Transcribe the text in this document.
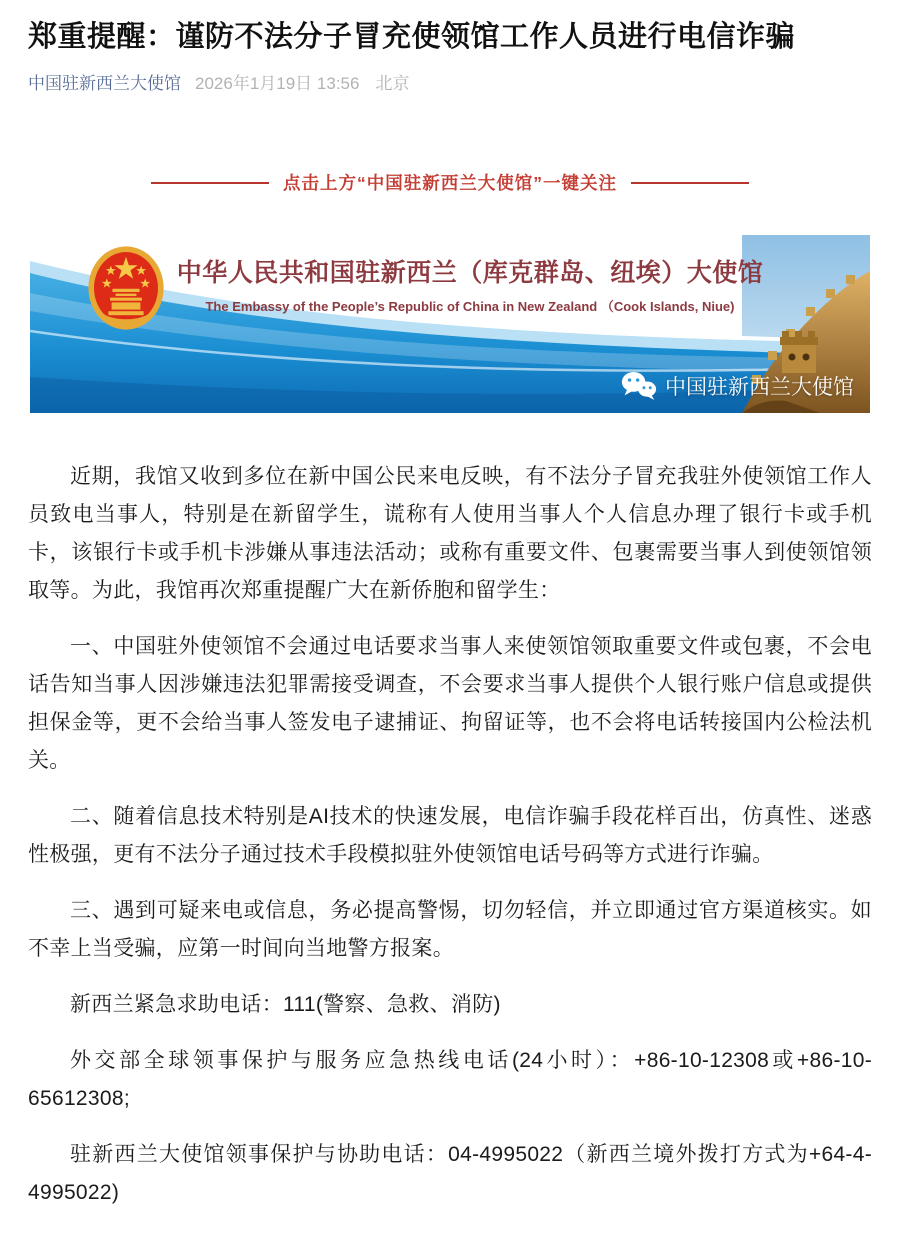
郑重提醒：谨防不法分子冒充使领馆工作人员进行电信诈骗
中国驻新西兰大使馆 2026年1月19日 13:56 北京
点击上方“中国驻新西兰大使馆”一键关注
中华人民共和国驻新西兰（库克群岛、纽埃）大使馆
The Embassy of the People’s Republic of China in New Zealand （Cook Islands, Niue)
中国驻新西兰大使馆

近期，我馆又收到多位在新中国公民来电反映，有不法分子冒充我驻外使领馆工作人员致电当事人，特别是在新留学生，谎称有人使用当事人个人信息办理了银行卡或手机卡，该银行卡或手机卡涉嫌从事违法活动；或称有重要文件、包裹需要当事人到使领馆领取等。为此，我馆再次郑重提醒广大在新侨胞和留学生：

一、中国驻外使领馆不会通过电话要求当事人来使领馆领取重要文件或包裹，不会电话告知当事人因涉嫌违法犯罪需接受调查，不会要求当事人提供个人银行账户信息或提供担保金等，更不会给当事人签发电子逮捕证、拘留证等，也不会将电话转接国内公检法机关。

二、随着信息技术特别是AI技术的快速发展，电信诈骗手段花样百出，仿真性、迷惑性极强，更有不法分子通过技术手段模拟驻外使领馆电话号码等方式进行诈骗。

三、遇到可疑来电或信息，务必提高警惕，切勿轻信，并立即通过官方渠道核实。如不幸上当受骗，应第一时间向当地警方报案。

新西兰紧急求助电话：111(警察、急救、消防)

外交部全球领事保护与服务应急热线电话(24小时）：+86-10-12308或+86-10-65612308;

驻新西兰大使馆领事保护与协助电话：04-4995022（新西兰境外拨打方式为+64-4-4995022)
